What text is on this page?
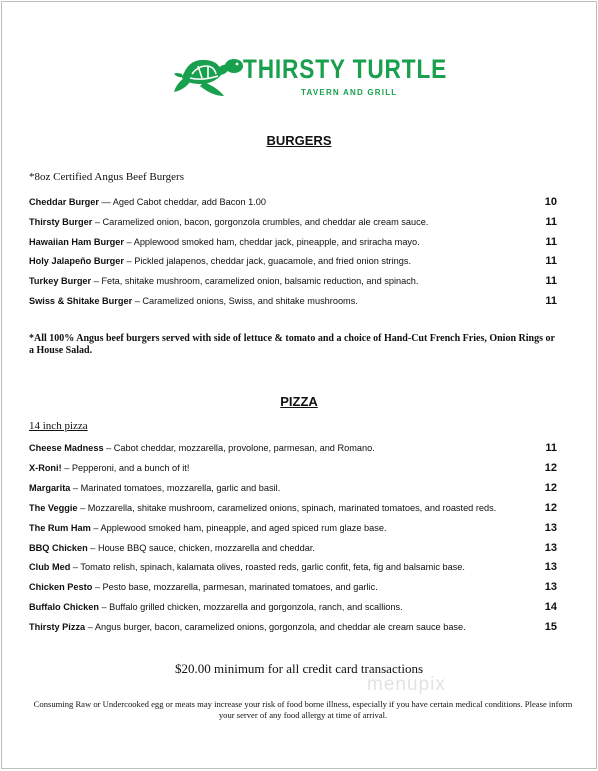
THIRSTY TURTLE
TAVERN AND GRILL
BURGERS
*8oz Certified Angus Beef Burgers
Cheddar Burger — Aged Cabot cheddar, add Bacon 1.00	10
Thirsty Burger – Caramelized onion, bacon, gorgonzola crumbles, and cheddar ale cream sauce.	11
Hawaiian Ham Burger – Applewood smoked ham, cheddar jack, pineapple, and sriracha mayo.	11
Holy Jalapeño Burger – Pickled jalapenos, cheddar jack, guacamole, and fried onion strings.	11
Turkey Burger – Feta, shitake mushroom, caramelized onion, balsamic reduction, and spinach.	11
Swiss & Shitake Burger – Caramelized onions, Swiss, and shitake mushrooms.	11
*All 100% Angus beef burgers served with side of lettuce & tomato and a choice of Hand-Cut French Fries, Onion Rings or a House Salad.
PIZZA
14 inch pizza
Cheese Madness – Cabot cheddar, mozzarella, provolone, parmesan, and Romano.	11
X-Roni! – Pepperoni, and a bunch of it!	12
Margarita – Marinated tomatoes, mozzarella, garlic and basil.	12
The Veggie – Mozzarella, shitake mushroom, caramelized onions, spinach, marinated tomatoes, and roasted reds.	12
The Rum Ham – Applewood smoked ham, pineapple, and aged spiced rum glaze base.	13
BBQ Chicken – House BBQ sauce, chicken, mozzarella and cheddar.	13
Club Med – Tomato relish, spinach, kalamata olives, roasted reds, garlic confit, feta, fig and balsamic base.	13
Chicken Pesto – Pesto base, mozzarella, parmesan, marinated tomatoes, and garlic.	13
Buffalo Chicken – Buffalo grilled chicken, mozzarella and gorgonzola, ranch, and scallions.	14
Thirsty Pizza – Angus burger, bacon, caramelized onions, gorgonzola, and cheddar ale cream sauce base.	15
$20.00 minimum for all credit card transactions
menupix
Consuming Raw or Undercooked egg or meats may increase your risk of food borne illness, especially if you have certain medical conditions. Please inform your server of any food allergy at time of arrival.
